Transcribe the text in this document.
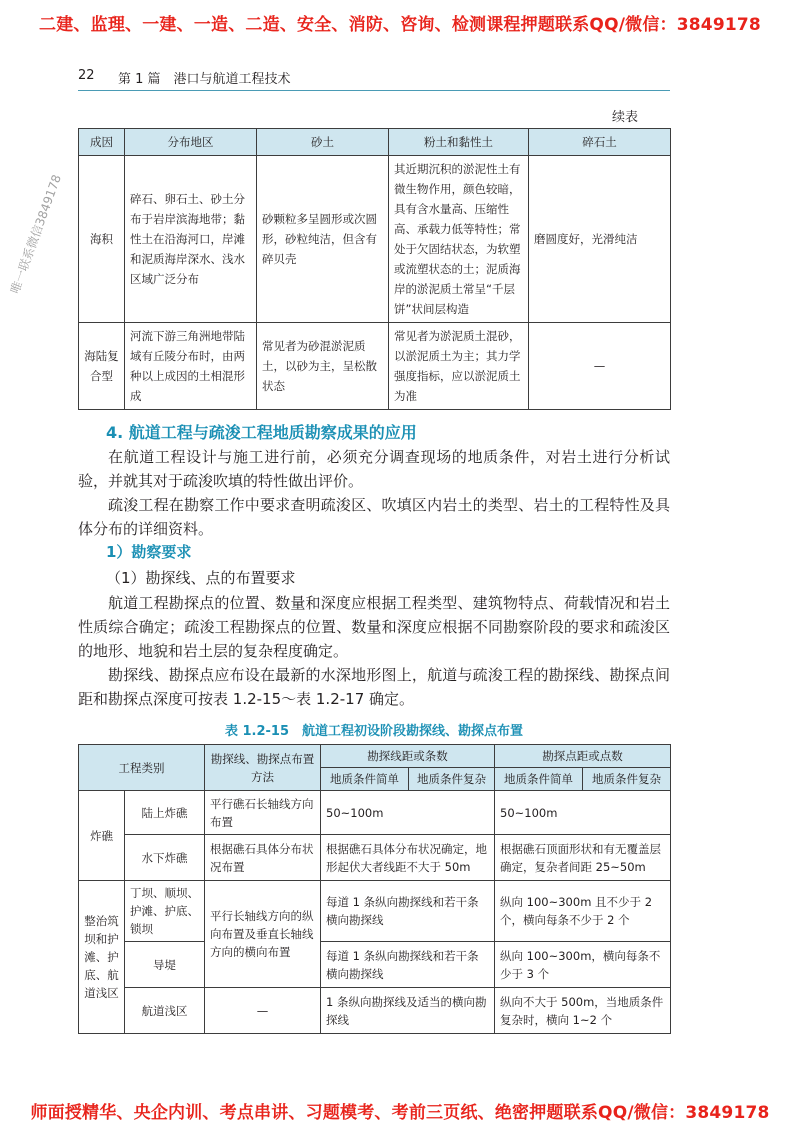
二建、监理、一建、一造、二造、安全、消防、咨询、检测课程押题联系QQ/微信：3849178
22 第 1 篇　港口与航道工程技术
续表
成因	分布地区	砂土	粉土和黏性土	碎石土
海积	碎石、卵石土、砂土分布于岩岸滨海地带；黏性土在沿海河口，岸滩和泥质海岸深水、浅水区域广泛分布	砂颗粒多呈圆形或次圆形，砂粒纯洁，但含有碎贝壳	其近期沉积的淤泥性土有微生物作用，颜色较暗，具有含水量高、压缩性高、承载力低等特性；常处于欠固结状态，为软塑或流塑状态的土；泥质海岸的淤泥质土常呈“千层饼”状间层构造	磨圆度好，光滑纯洁
海陆复合型	河流下游三角洲地带陆域有丘陵分布时，由两种以上成因的土相混形成	常见者为砂混淤泥质土，以砂为主，呈松散状态	常见者为淤泥质土混砂，以淤泥质土为主；其力学强度指标，应以淤泥质土为准	—
4. 航道工程与疏浚工程地质勘察成果的应用

在航道工程设计与施工进行前，必须充分调查现场的地质条件，对岩土进行分析试验，并就其对于疏浚吹填的特性做出评价。

疏浚工程在勘察工作中要求查明疏浚区、吹填区内岩土的类型、岩土的工程特性及具体分布的详细资料。

1）勘察要求
（1）勘探线、点的布置要求

航道工程勘探点的位置、数量和深度应根据工程类型、建筑物特点、荷载情况和岩土性质综合确定；疏浚工程勘探点的位置、数量和深度应根据不同勘察阶段的要求和疏浚区的地形、地貌和岩土层的复杂程度确定。

勘探线、勘探点应布设在最新的水深地形图上，航道与疏浚工程的勘探线、勘探点间距和勘探点深度可按表 1.2-15～表 1.2-17 确定。

表 1.2-15　航道工程初设阶段勘探线、勘探点布置
工程类别		勘探线、勘探点布置方法	勘探线距或条数		勘探点距或点数	
			地质条件简单	地质条件复杂	地质条件简单	地质条件复杂
炸礁	陆上炸礁	平行礁石长轴线方向布置	50~100m		50~100m	
	水下炸礁	根据礁石具体分布状况布置	根据礁石具体分布状况确定，地形起伏大者线距不大于 50m		根据礁石顶面形状和有无覆盖层确定，复杂者间距 25~50m	
整治筑坝和护滩、护底、航道浅区	丁坝、顺坝、护滩、护底、锁坝	平行长轴线方向的纵向布置及垂直长轴线方向的横向布置	每道 1 条纵向勘探线和若干条横向勘探线		纵向 100~300m 且不少于 2 个，横向每条不少于 2 个	
	导堤		每道 1 条纵向勘探线和若干条横向勘探线		纵向 100~300m，横向每条不少于 3 个	
	航道浅区	—	1 条纵向勘探线及适当的横向勘探线		纵向不大于 500m，当地质条件复杂时，横向 1~2 个	
唯一联系微信3849178
师面授精华、央企内训、考点串讲、习题模考、考前三页纸、绝密押题联系QQ/微信：3849178
